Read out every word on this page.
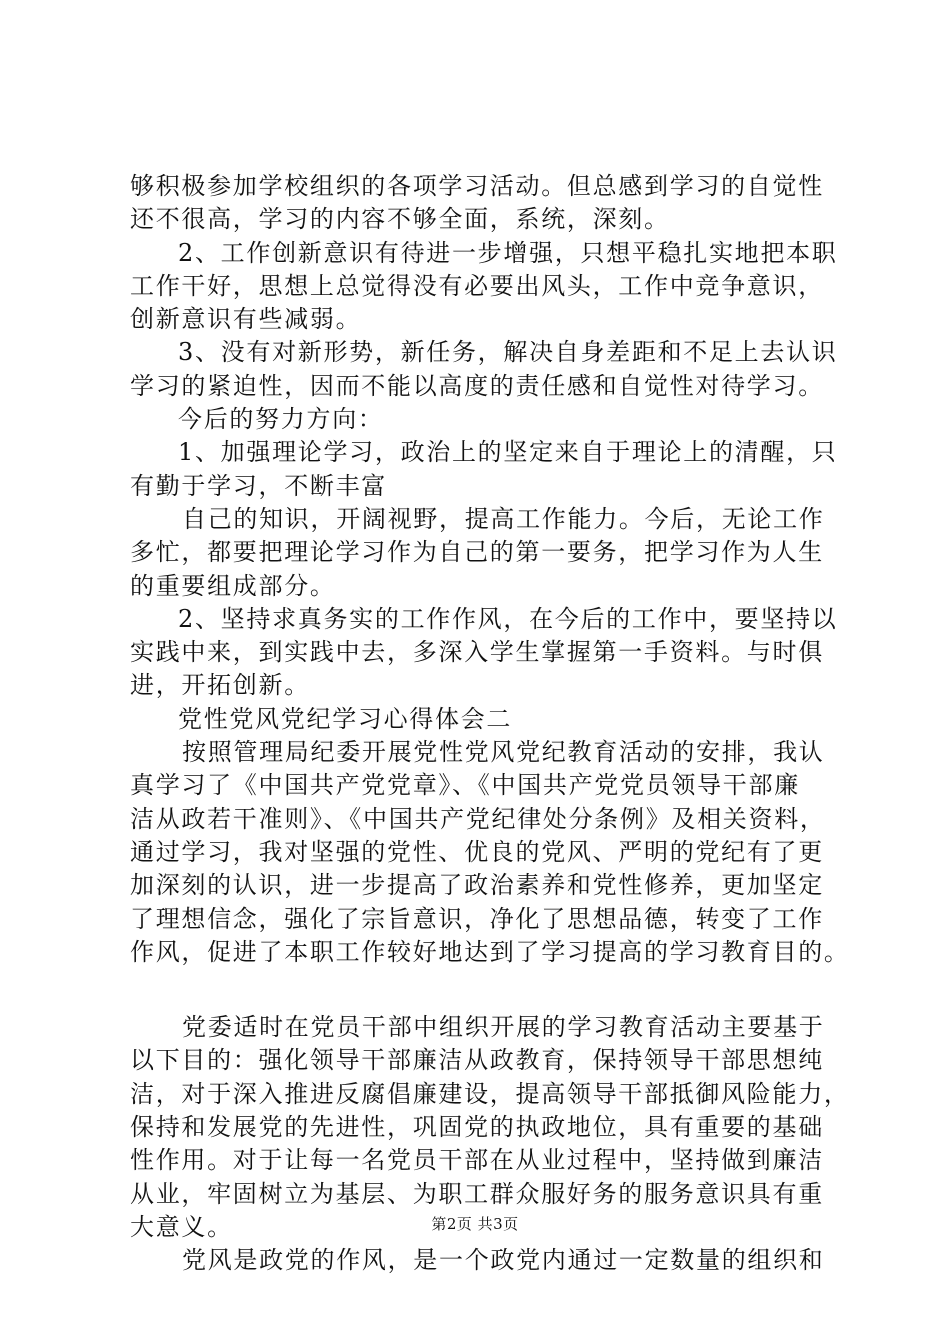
够积极参加学校组织的各项学习活动。但总感到学习的自觉性
还不很高，学习的内容不够全面，系统，深刻。
2、工作创新意识有待进一步增强，只想平稳扎实地把本职
工作干好，思想上总觉得没有必要出风头，工作中竞争意识，
创新意识有些减弱。
3、没有对新形势，新任务，解决自身差距和不足上去认识
学习的紧迫性，因而不能以高度的责任感和自觉性对待学习。
今后的努力方向：
1、加强理论学习，政治上的坚定来自于理论上的清醒，只
有勤于学习，不断丰富
自己的知识，开阔视野，提高工作能力。今后，无论工作
多忙，都要把理论学习作为自己的第一要务，把学习作为人生
的重要组成部分。
2、坚持求真务实的工作作风，在今后的工作中，要坚持以
实践中来，到实践中去，多深入学生掌握第一手资料。与时俱
进，开拓创新。
党性党风党纪学习心得体会二
按照管理局纪委开展党性党风党纪教育活动的安排，我认
真学习了《中国共产党党章》、《中国共产党党员领导干部廉
洁从政若干准则》、《中国共产党纪律处分条例》及相关资料，
通过学习，我对坚强的党性、优良的党风、严明的党纪有了更
加深刻的认识，进一步提高了政治素养和党性修养，更加坚定
了理想信念，强化了宗旨意识，净化了思想品德，转变了工作
作风，促进了本职工作较好地达到了学习提高的学习教育目的。
党委适时在党员干部中组织开展的学习教育活动主要基于
以下目的：强化领导干部廉洁从政教育，保持领导干部思想纯
洁，对于深入推进反腐倡廉建设，提高领导干部抵御风险能力，
保持和发展党的先进性，巩固党的执政地位，具有重要的基础
性作用。对于让每一名党员干部在从业过程中，坚持做到廉洁
从业，牢固树立为基层、为职工群众服好务的服务意识具有重
大意义。
党风是政党的作风，是一个政党内通过一定数量的组织和
第2页 共3页
